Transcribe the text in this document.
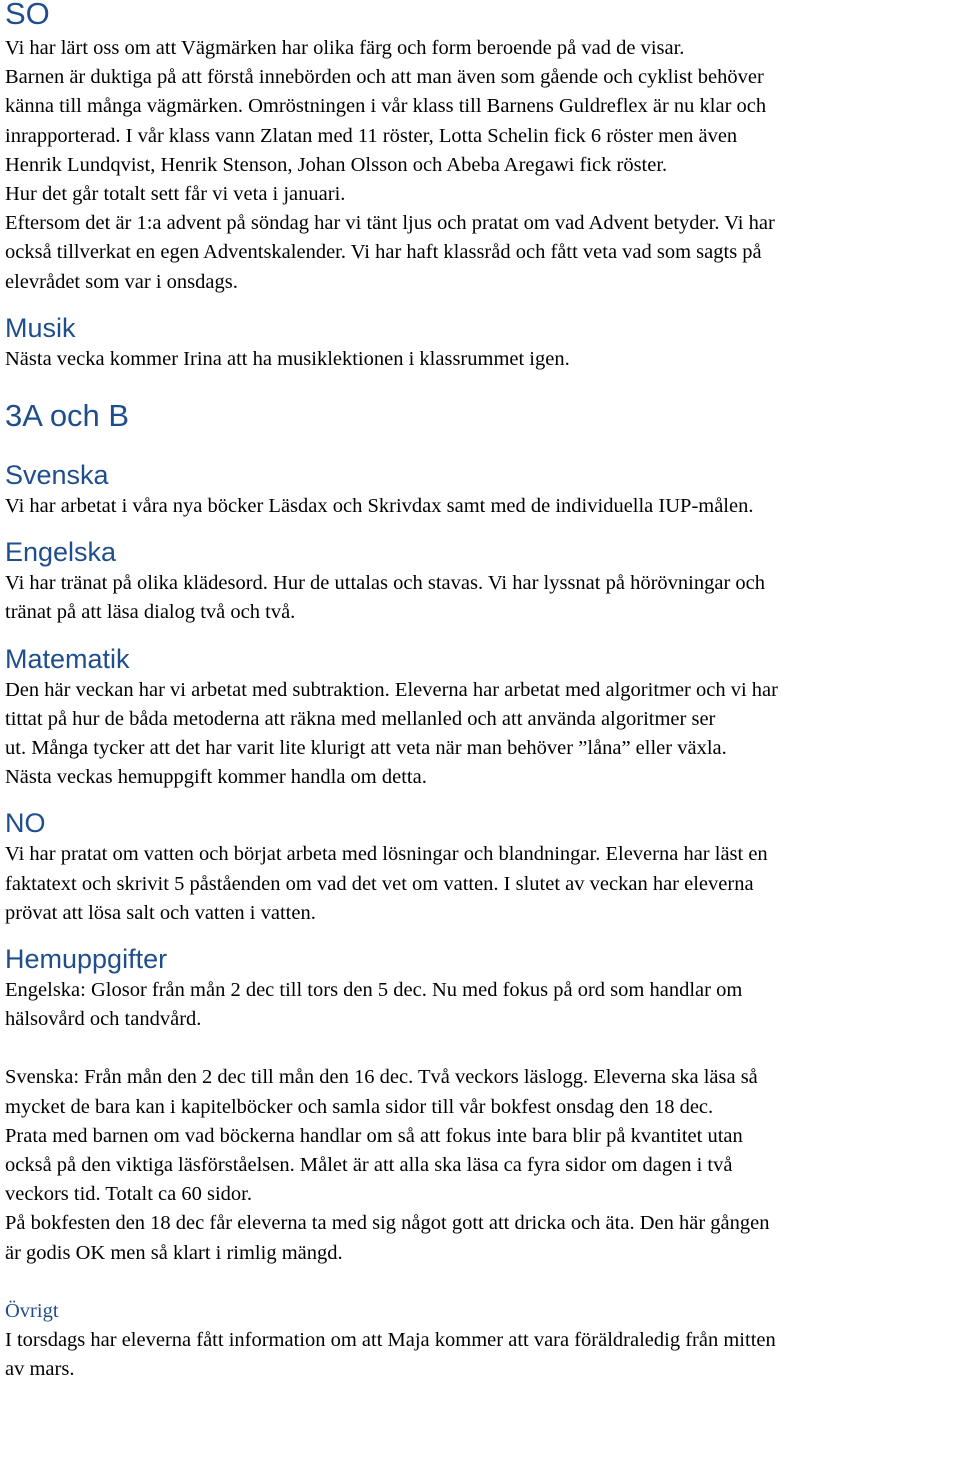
SO
Vi har lärt oss om att Vägmärken har olika färg och form beroende på vad de visar.
Barnen är duktiga på att förstå innebörden och att man även som gående och cyklist behöver
känna till många vägmärken. Omröstningen i vår klass till Barnens Guldreflex är nu klar och
inrapporterad. I vår klass vann Zlatan med 11 röster, Lotta Schelin fick 6 röster men även
Henrik Lundqvist, Henrik Stenson, Johan Olsson och Abeba Aregawi fick röster.
Hur det går totalt sett får vi veta i januari.
Eftersom det är 1:a advent på söndag har vi tänt ljus och pratat om vad Advent betyder. Vi har
också tillverkat en egen Adventskalender. Vi har haft klassråd och fått veta vad som sagts på
elevrådet som var i onsdags.
Musik
Nästa vecka kommer Irina att ha musiklektionen i klassrummet igen.
3A och B
Svenska
Vi har arbetat i våra nya böcker Läsdax och Skrivdax samt med de individuella IUP-målen.
Engelska
Vi har tränat på olika klädesord. Hur de uttalas och stavas. Vi har lyssnat på hörövningar och
tränat på att läsa dialog två och två.
Matematik
Den här veckan har vi arbetat med subtraktion. Eleverna har arbetat med algoritmer och vi har
tittat på hur de båda metoderna att räkna med mellanled och att använda algoritmer ser
ut. Många tycker att det har varit lite klurigt att veta när man behöver ”låna” eller växla.
Nästa veckas hemuppgift kommer handla om detta.
NO
Vi har pratat om vatten och börjat arbeta med lösningar och blandningar. Eleverna har läst en
faktatext och skrivit 5 påståenden om vad det vet om vatten. I slutet av veckan har eleverna
prövat att lösa salt och vatten i vatten.
Hemuppgifter
Engelska: Glosor från mån 2 dec till tors den 5 dec. Nu med fokus på ord som handlar om
hälsovård och tandvård.
Svenska: Från mån den 2 dec till mån den 16 dec. Två veckors läslogg. Eleverna ska läsa så
mycket de bara kan i kapitelböcker och samla sidor till vår bokfest onsdag den 18 dec.
Prata med barnen om vad böckerna handlar om så att fokus inte bara blir på kvantitet utan
också på den viktiga läsförståelsen. Målet är att alla ska läsa ca fyra sidor om dagen i två
veckors tid. Totalt ca 60 sidor.
På bokfesten den 18 dec får eleverna ta med sig något gott att dricka och äta. Den här gången
är godis OK men så klart i rimlig mängd.

Övrigt

I torsdags har eleverna fått information om att Maja kommer att vara föräldraledig från mitten
av mars.
